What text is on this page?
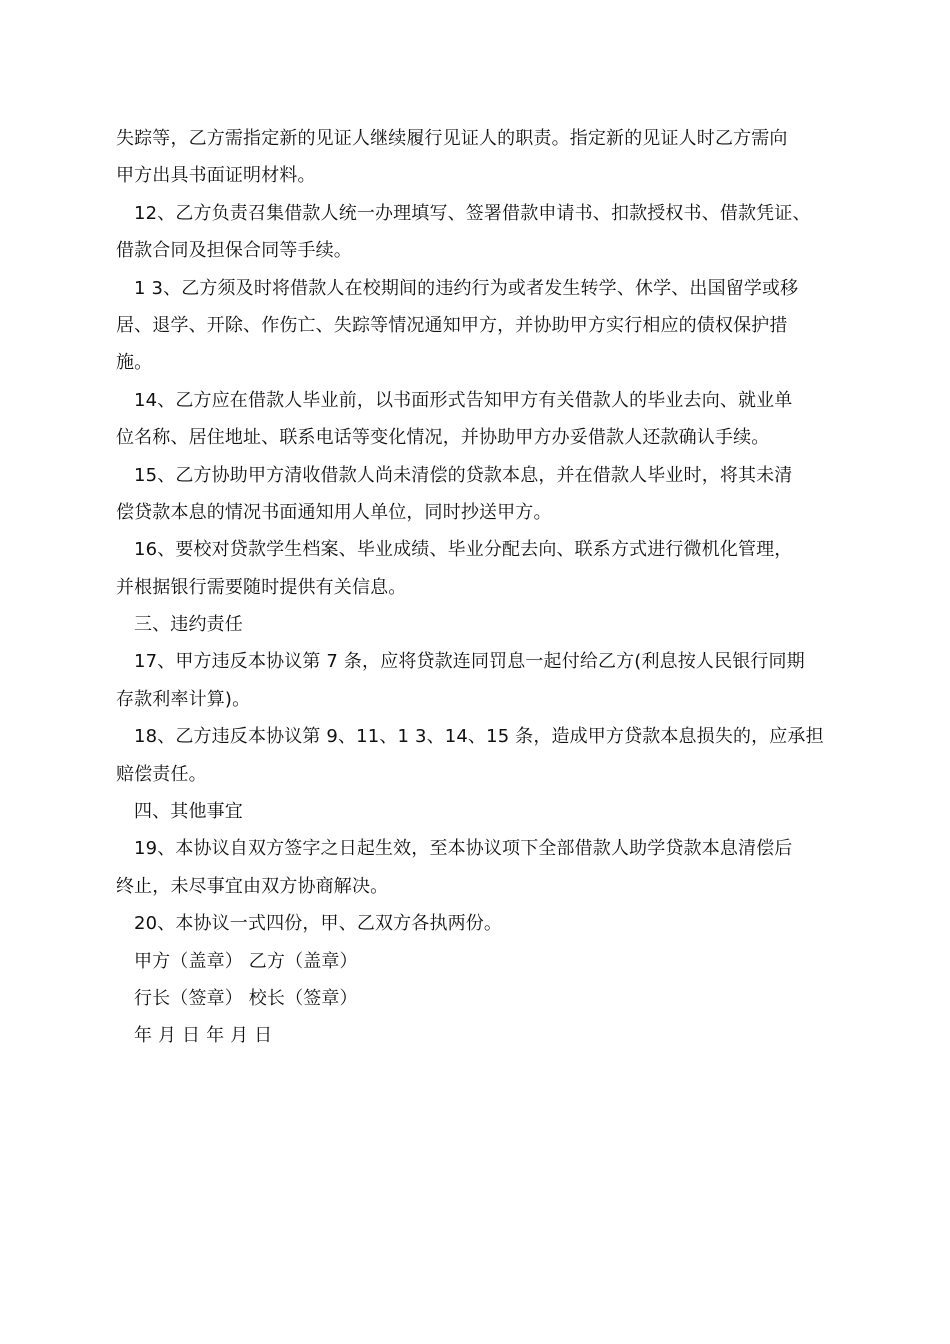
失踪等，乙方需指定新的见证人继续履行见证人的职责。指定新的见证人时乙方需向
甲方出具书面证明材料。
12、乙方负责召集借款人统一办理填写、签署借款申请书、扣款授权书、借款凭证、
借款合同及担保合同等手续。
1 3、乙方须及时将借款人在校期间的违约行为或者发生转学、休学、出国留学或移
居、退学、开除、作伤亡、失踪等情况通知甲方，并协助甲方实行相应的债权保护措
施。
14、乙方应在借款人毕业前，以书面形式告知甲方有关借款人的毕业去向、就业单
位名称、居住地址、联系电话等变化情况，并协助甲方办妥借款人还款确认手续。
15、乙方协助甲方清收借款人尚未清偿的贷款本息，并在借款人毕业时，将其未清
偿贷款本息的情况书面通知用人单位，同时抄送甲方。
16、要校对贷款学生档案、毕业成绩、毕业分配去向、联系方式进行微机化管理，
并根据银行需要随时提供有关信息。
三、违约责任
17、甲方违反本协议第 7 条，应将贷款连同罚息一起付给乙方(利息按人民银行同期
存款利率计算)。
18、乙方违反本协议第 9、11、1 3、14、15 条，造成甲方贷款本息损失的，应承担
赔偿责任。
四、其他事宜
19、本协议自双方签字之日起生效，至本协议项下全部借款人助学贷款本息清偿后
终止，未尽事宜由双方协商解决。
20、本协议一式四份，甲、乙双方各执两份。
甲方（盖章） 乙方（盖章）
行长（签章） 校长（签章）
年 月 日 年 月 日
